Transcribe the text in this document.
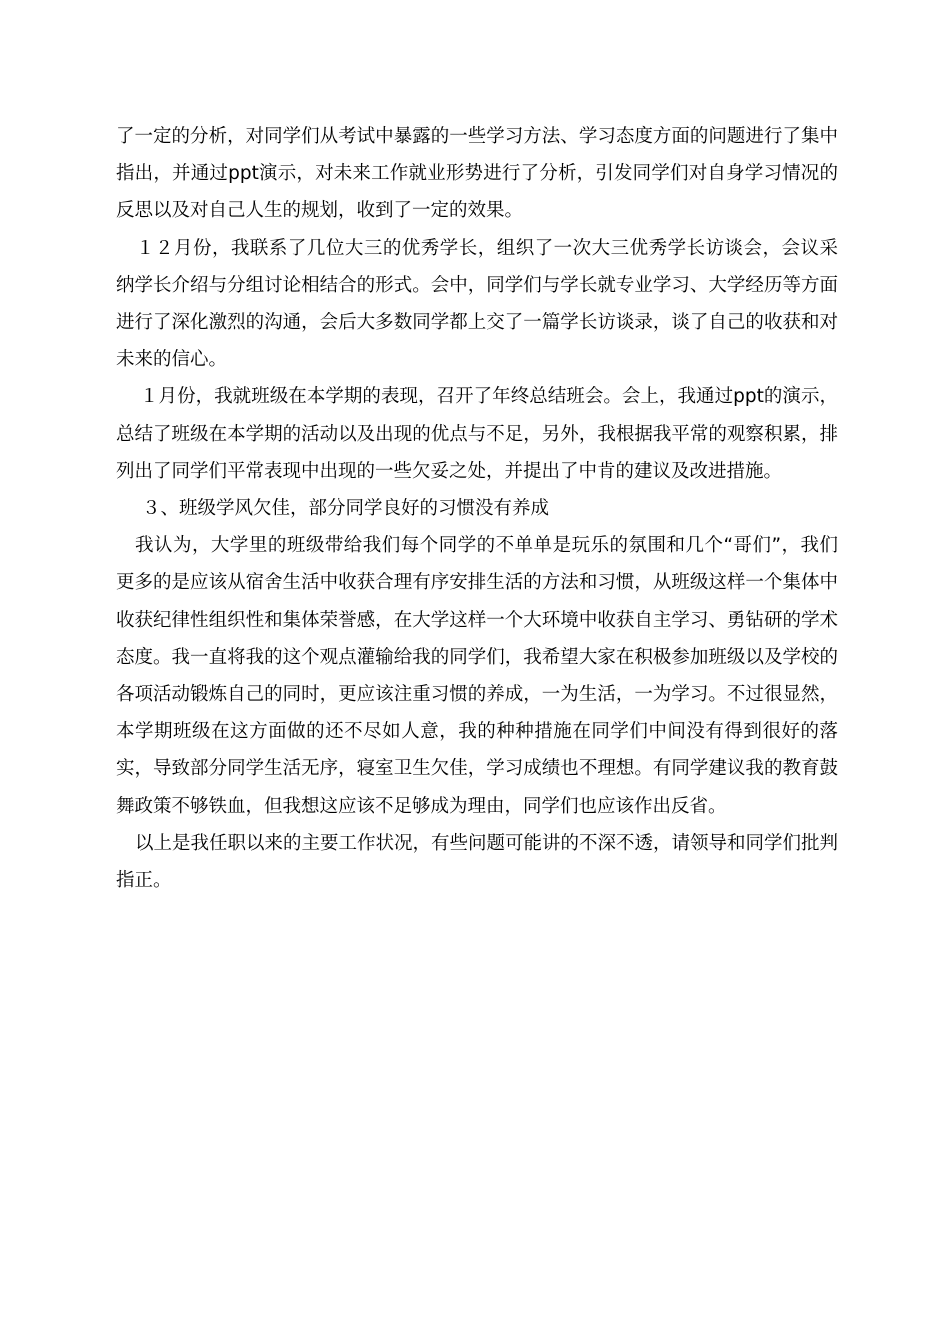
了一定的分析，对同学们从考试中暴露的一些学习方法、学习态度方面的问题进行了集中指出，并通过ppt演示，对未来工作就业形势进行了分析，引发同学们对自身学习情况的反思以及对自己人生的规划，收到了一定的效果。

１２月份，我联系了几位大三的优秀学长，组织了一次大三优秀学长访谈会，会议采纳学长介绍与分组讨论相结合的形式。会中，同学们与学长就专业学习、大学经历等方面进行了深化激烈的沟通，会后大多数同学都上交了一篇学长访谈录，谈了自己的收获和对未来的信心。

１月份，我就班级在本学期的表现，召开了年终总结班会。会上，我通过ppt的演示，总结了班级在本学期的活动以及出现的优点与不足，另外，我根据我平常的观察积累，排列出了同学们平常表现中出现的一些欠妥之处，并提出了中肯的建议及改进措施。

３、班级学风欠佳，部分同学良好的习惯没有养成

我认为，大学里的班级带给我们每个同学的不单单是玩乐的氛围和几个“哥们”，我们更多的是应该从宿舍生活中收获合理有序安排生活的方法和习惯，从班级这样一个集体中收获纪律性组织性和集体荣誉感，在大学这样一个大环境中收获自主学习、勇钻研的学术态度。我一直将我的这个观点灌输给我的同学们，我希望大家在积极参加班级以及学校的各项活动锻炼自己的同时，更应该注重习惯的养成，一为生活，一为学习。不过很显然，本学期班级在这方面做的还不尽如人意，我的种种措施在同学们中间没有得到很好的落实，导致部分同学生活无序，寝室卫生欠佳，学习成绩也不理想。有同学建议我的教育鼓舞政策不够铁血，但我想这应该不足够成为理由，同学们也应该作出反省。

以上是我任职以来的主要工作状况，有些问题可能讲的不深不透，请领导和同学们批判指正。
